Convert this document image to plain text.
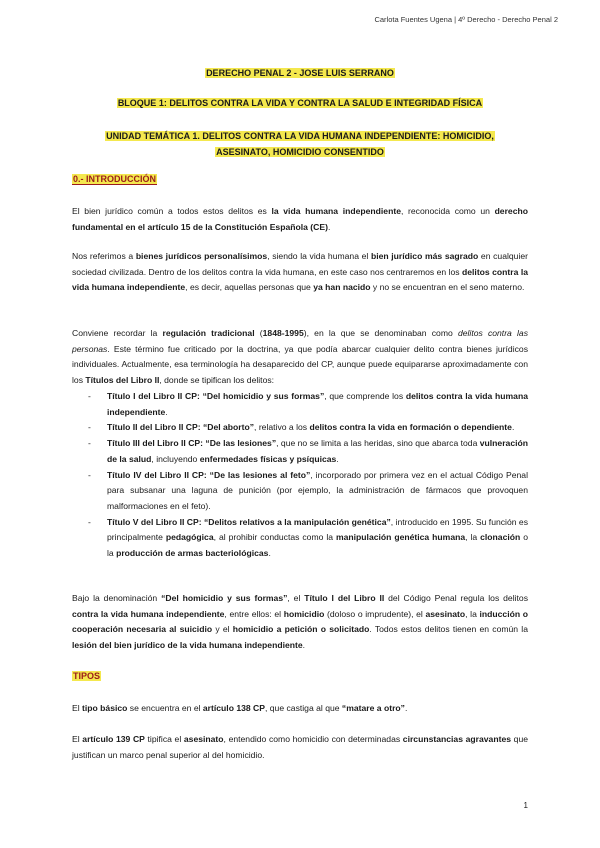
Carlota Fuentes Ugena | 4º Derecho - Derecho Penal 2
DERECHO PENAL 2 - JOSE LUIS SERRANO
BLOQUE 1: DELITOS CONTRA LA VIDA Y CONTRA LA SALUD E INTEGRIDAD FÍSICA
UNIDAD TEMÁTICA 1. DELITOS CONTRA LA VIDA HUMANA INDEPENDIENTE: HOMICIDIO,
ASESINATO, HOMICIDIO CONSENTIDO
0.- INTRODUCCIÓN
El bien jurídico común a todos estos delitos es la vida humana independiente, reconocida como un derecho fundamental en el artículo 15 de la Constitución Española (CE).
Nos referimos a bienes jurídicos personalísimos, siendo la vida humana el bien jurídico más sagrado en cualquier sociedad civilizada. Dentro de los delitos contra la vida humana, en este caso nos centraremos en los delitos contra la vida humana independiente, es decir, aquellas personas que ya han nacido y no se encuentran en el seno materno.
Conviene recordar la regulación tradicional (1848-1995), en la que se denominaban como delitos contra las personas. Este término fue criticado por la doctrina, ya que podía abarcar cualquier delito contra bienes jurídicos individuales. Actualmente, esa terminología ha desaparecido del CP, aunque puede equipararse aproximadamente con los Títulos del Libro II, donde se tipifican los delitos:
- Título I del Libro II CP: “Del homicidio y sus formas”, que comprende los delitos contra la vida humana independiente.
- Título II del Libro II CP: “Del aborto”, relativo a los delitos contra la vida en formación o dependiente.
- Título III del Libro II CP: “De las lesiones”, que no se limita a las heridas, sino que abarca toda vulneración de la salud, incluyendo enfermedades físicas y psíquicas.
- Título IV del Libro II CP: “De las lesiones al feto”, incorporado por primera vez en el actual Código Penal para subsanar una laguna de punición (por ejemplo, la administración de fármacos que provoquen malformaciones en el feto).
- Título V del Libro II CP: “Delitos relativos a la manipulación genética”, introducido en 1995. Su función es principalmente pedagógica, al prohibir conductas como la manipulación genética humana, la clonación o la producción de armas bacteriológicas.
Bajo la denominación “Del homicidio y sus formas”, el Título I del Libro II del Código Penal regula los delitos contra la vida humana independiente, entre ellos: el homicidio (doloso o imprudente), el asesinato, la inducción o cooperación necesaria al suicidio y el homicidio a petición o solicitado. Todos estos delitos tienen en común la lesión del bien jurídico de la vida humana independiente.
TIPOS
El tipo básico se encuentra en el artículo 138 CP, que castiga al que “matare a otro”.
El artículo 139 CP tipifica el asesinato, entendido como homicidio con determinadas circunstancias agravantes que justifican un marco penal superior al del homicidio.
1
